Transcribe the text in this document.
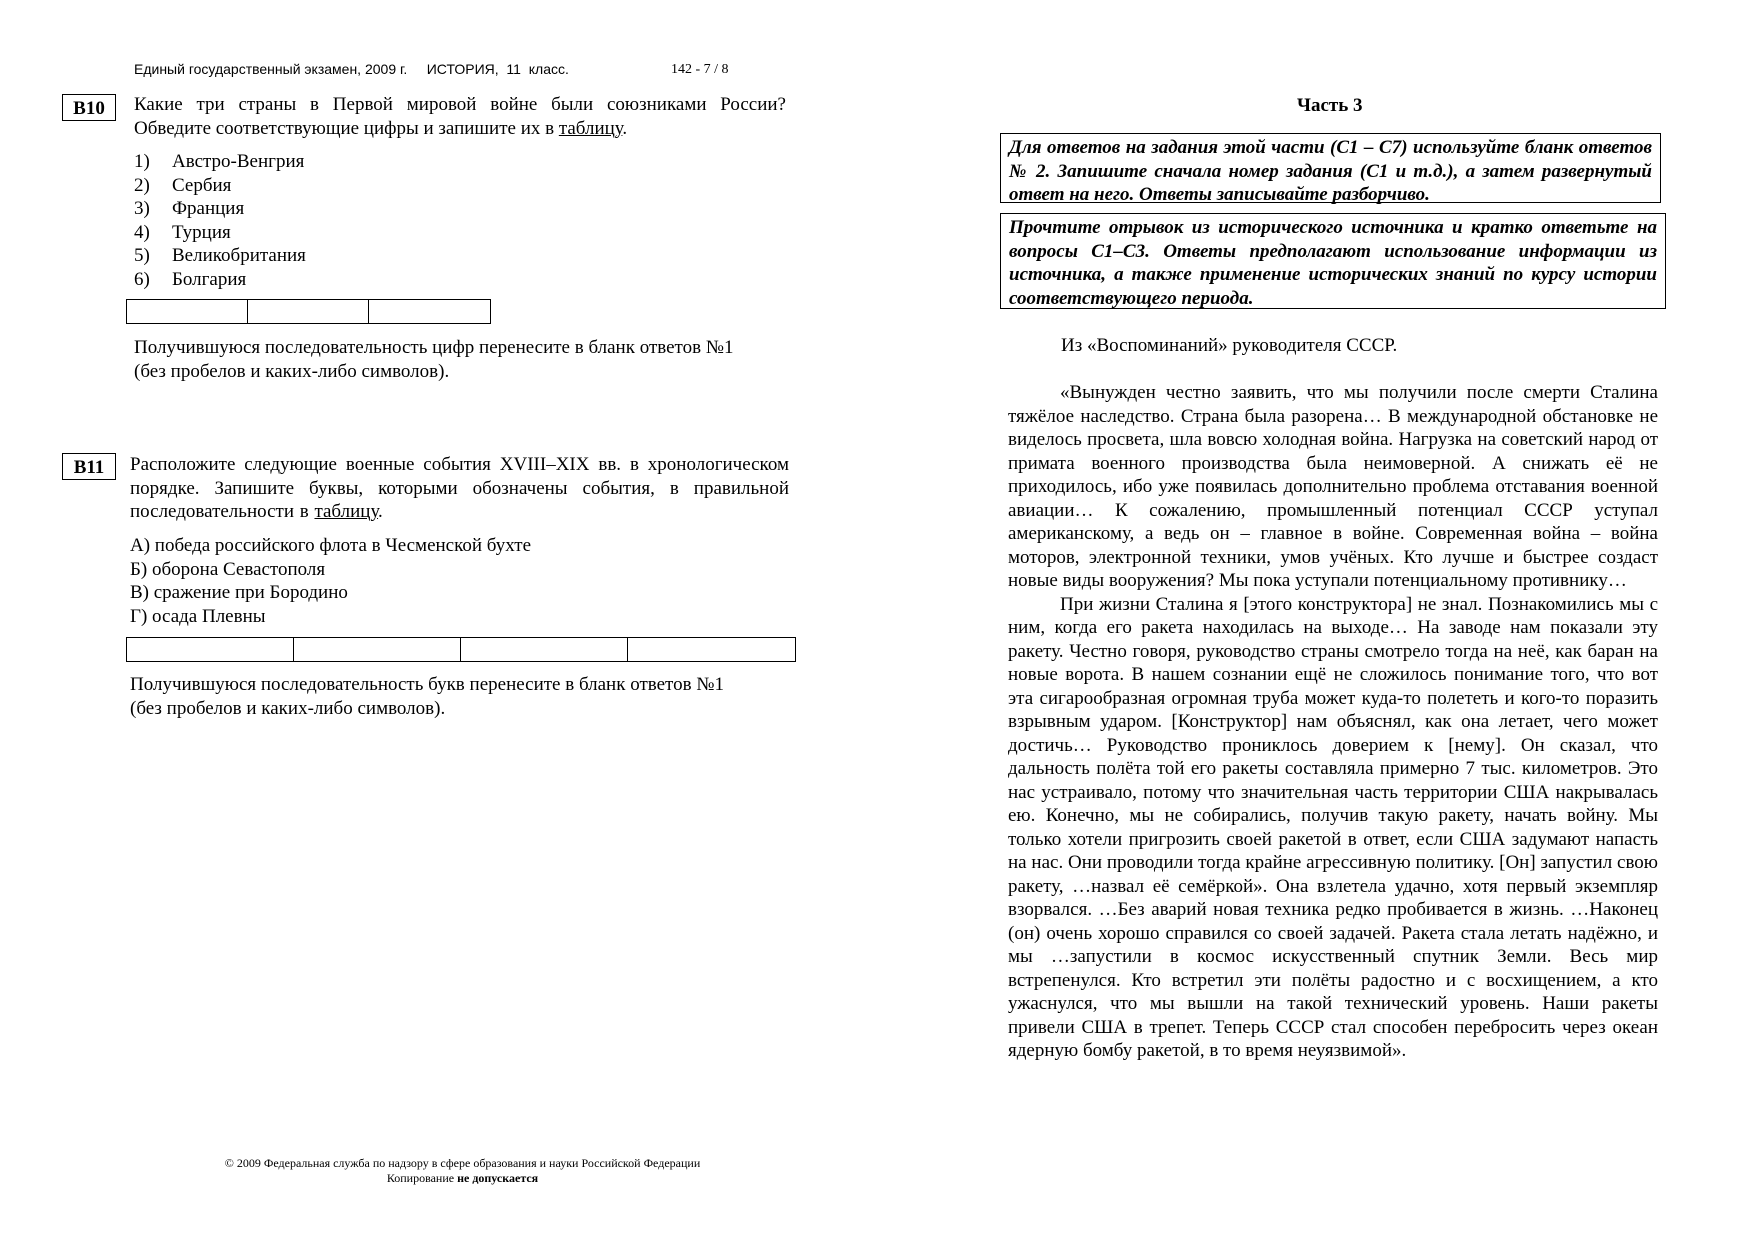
Единый государственный экзамен, 2009 г. ИСТОРИЯ,  11  класс.	142 - 7 / 8
B10	Какие три страны в Первой мировой войне были союзниками России?
Обведите соответствующие цифры и запишите их в таблицу.
1) Австро-Венгрия
2) Сербия
3) Франция
4) Турция
5) Великобритания
6) Болгария

Получившуюся последовательность цифр перенесите в бланк ответов №1
(без пробелов и каких-либо символов).
B11	Расположите следующие военные события XVIII–XIX вв. в хронологическом порядке. Запишите буквы, которыми обозначены события, в правильной последовательности в таблицу.
А) победа российского флота в Чесменской бухте
Б) оборона Севастополя
В) сражение при Бородино
Г) осада Плевны

Получившуюся последовательность букв перенесите в бланк ответов №1
(без пробелов и каких-либо символов).
© 2009 Федеральная служба по надзору в сфере образования и науки Российской Федерации
Копирование не допускается
Часть 3
Для ответов на задания этой части (С1 – С7) используйте бланк ответов № 2. Запишите сначала номер задания (С1 и т.д.), а затем развернутый ответ на него. Ответы записывайте разборчиво.
Прочтите отрывок из исторического источника и кратко ответьте на вопросы С1–С3. Ответы предполагают использование информации из источника, а также применение исторических знаний по курсу истории соответствующего периода.
Из «Воспоминаний» руководителя СССР.

«Вынужден честно заявить, что мы получили после смерти Сталина тяжёлое наследство. Страна была разорена… В международной обстановке не виделось просвета, шла вовсю холодная война. Нагрузка на советский народ от примата военного производства была неимоверной. А снижать её не приходилось, ибо уже появилась дополнительно проблема отставания военной авиации… К сожалению, промышленный потенциал СССР уступал американскому, а ведь он – главное в войне. Современная война – война моторов, электронной техники, умов учёных. Кто лучше и быстрее создаст новые виды вооружения? Мы пока уступали потенциальному противнику…

При жизни Сталина я [этого конструктора] не знал. Познакомились мы с ним, когда его ракета находилась на выходе… На заводе нам показали эту ракету. Честно говоря, руководство страны смотрело тогда на неё, как баран на новые ворота. В нашем сознании ещё не сложилось понимание того, что вот эта сигарообразная огромная труба может куда-то полететь и кого-то поразить взрывным ударом. [Конструктор] нам объяснял, как она летает, чего может достичь… Руководство прониклось доверием к [нему]. Он сказал, что дальность полёта той его ракеты составляла примерно 7 тыс. километров. Это нас устраивало, потому что значительная часть территории США накрывалась ею. Конечно, мы не собирались, получив такую ракету, начать войну. Мы только хотели пригрозить своей ракетой в ответ, если США задумают напасть на нас. Они проводили тогда крайне агрессивную политику. [Он] запустил свою ракету, …назвал её семёркой». Она взлетела удачно, хотя первый экземпляр взорвался. …Без аварий новая техника редко пробивается в жизнь. …Наконец (он) очень хорошо справился со своей задачей. Ракета стала летать надёжно, и мы …запустили в космос искусственный спутник Земли. Весь мир встрепенулся. Кто встретил эти полёты радостно и с восхищением, а кто ужаснулся, что мы вышли на такой технический уровень. Наши ракеты привели США в трепет. Теперь СССР стал способен перебросить через океан ядерную бомбу ракетой, в то время неуязвимой».
